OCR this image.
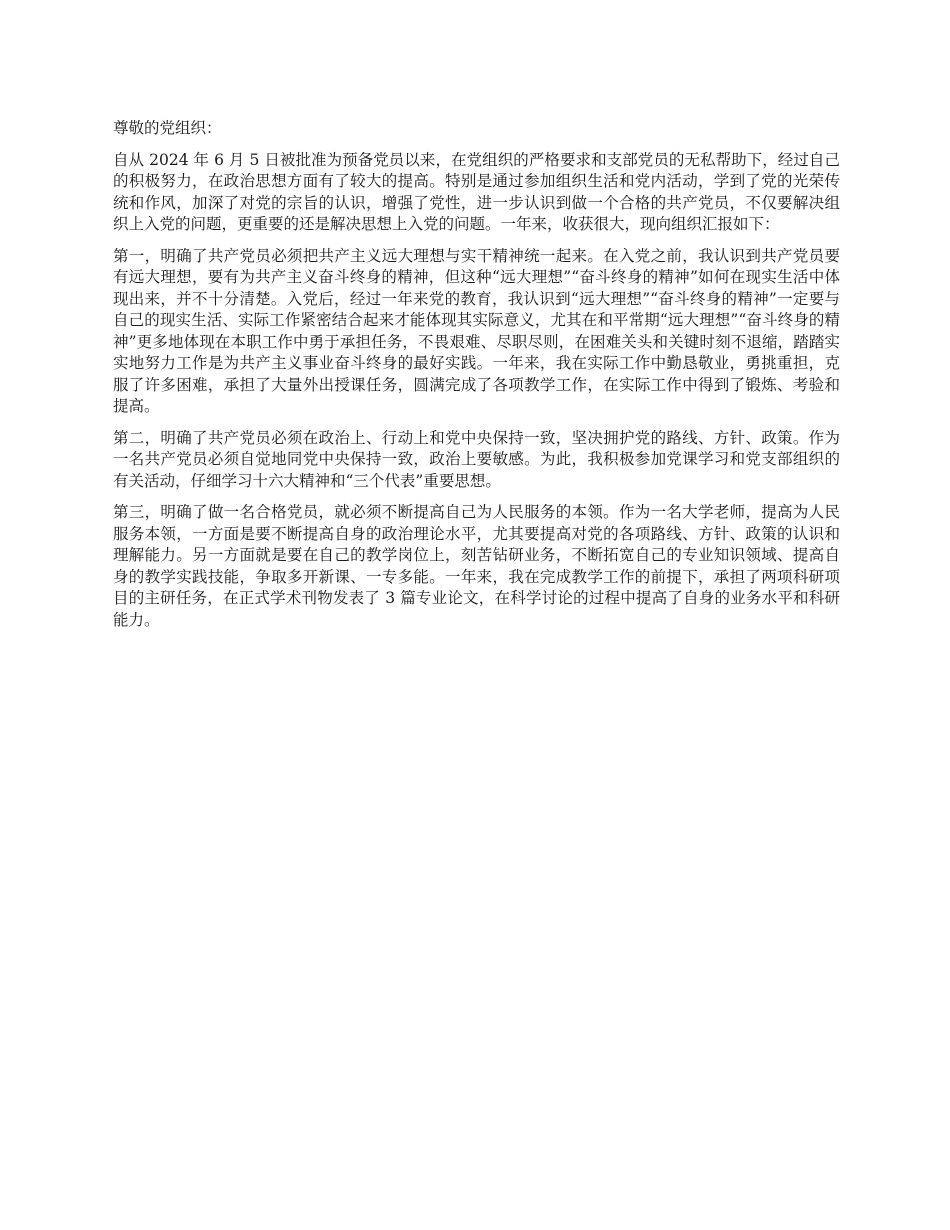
尊敬的党组织：

自从 2024 年 6 月 5 日被批准为预备党员以来，在党组织的严格要求和支部党员的无私帮助下，经过自己的积极努力，在政治思想方面有了较大的提高。特别是通过参加组织生活和党内活动，学到了党的光荣传统和作风，加深了对党的宗旨的认识，增强了党性，进一步认识到做一个合格的共产党员，不仅要解决组织上入党的问题，更重要的还是解决思想上入党的问题。一年来，收获很大，现向组织汇报如下：

第一，明确了共产党员必须把共产主义远大理想与实干精神统一起来。在入党之前，我认识到共产党员要有远大理想，要有为共产主义奋斗终身的精神，但这种“远大理想”“奋斗终身的精神”如何在现实生活中体现出来，并不十分清楚。入党后，经过一年来党的教育，我认识到“远大理想”“奋斗终身的精神”一定要与自己的现实生活、实际工作紧密结合起来才能体现其实际意义，尤其在和平常期“远大理想”“奋斗终身的精神”更多地体现在本职工作中勇于承担任务，不畏艰难、尽职尽则，在困难关头和关键时刻不退缩，踏踏实实地努力工作是为共产主义事业奋斗终身的最好实践。一年来，我在实际工作中勤恳敬业，勇挑重担，克服了许多困难，承担了大量外出授课任务，圆满完成了各项教学工作，在实际工作中得到了锻炼、考验和提高。

第二，明确了共产党员必须在政治上、行动上和党中央保持一致，坚决拥护党的路线、方针、政策。作为一名共产党员必须自觉地同党中央保持一致，政治上要敏感。为此，我积极参加党课学习和党支部组织的有关活动，仔细学习十六大精神和“三个代表”重要思想。

第三，明确了做一名合格党员，就必须不断提高自己为人民服务的本领。作为一名大学老师，提高为人民服务本领，一方面是要不断提高自身的政治理论水平，尤其要提高对党的各项路线、方针、政策的认识和理解能力。另一方面就是要在自己的教学岗位上，刻苦钻研业务，不断拓宽自己的专业知识领域、提高自身的教学实践技能，争取多开新课、一专多能。一年来，我在完成教学工作的前提下，承担了两项科研项目的主研任务，在正式学术刊物发表了 3 篇专业论文，在科学讨论的过程中提高了自身的业务水平和科研能力。
